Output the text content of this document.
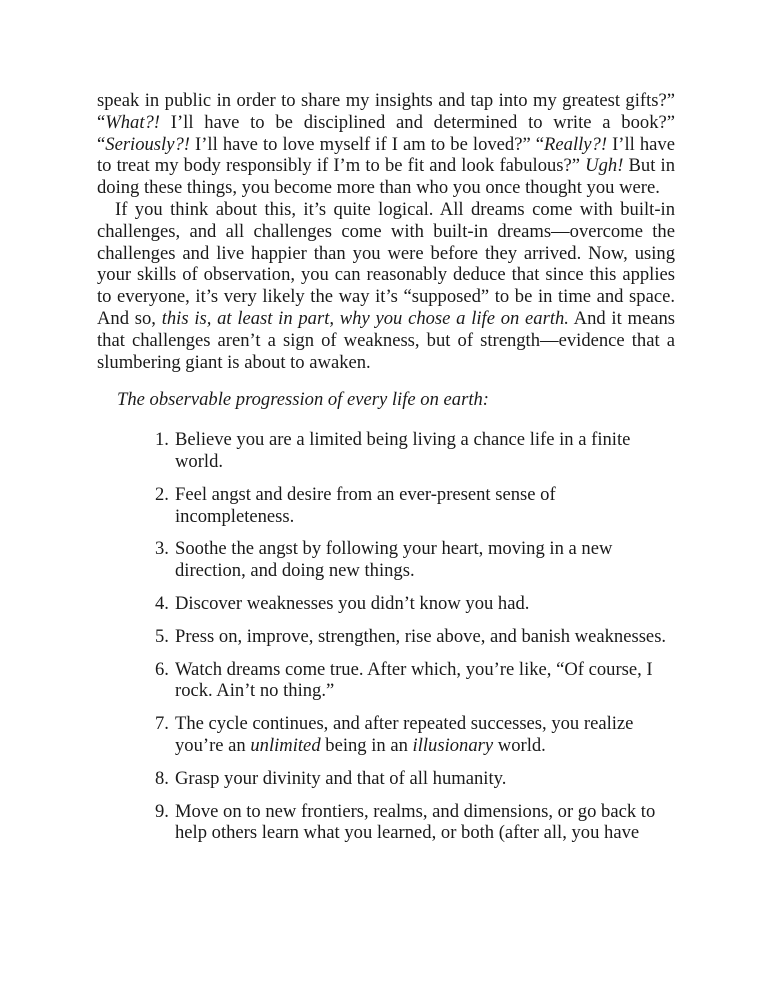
speak in public in order to share my insights and tap into my greatest gifts?” “What?! I’ll have to be disciplined and determined to write a book?” “Seriously?! I’ll have to love myself if I am to be loved?” “Really?! I’ll have to treat my body responsibly if I’m to be fit and look fabulous?” Ugh! But in doing these things, you become more than who you once thought you were.

If you think about this, it’s quite logical. All dreams come with built-in challenges, and all challenges come with built-in dreams—overcome the challenges and live happier than you were before they arrived. Now, using your skills of observation, you can reasonably deduce that since this applies to everyone, it’s very likely the way it’s “supposed” to be in time and space. And so, this is, at least in part, why you chose a life on earth. And it means that challenges aren’t a sign of weakness, but of strength—evidence that a slumbering giant is about to awaken.

The observable progression of every life on earth:

1. Believe you are a limited being living a chance life in a finite world.
2. Feel angst and desire from an ever-present sense of incompleteness.
3. Soothe the angst by following your heart, moving in a new direction, and doing new things.
4. Discover weaknesses you didn’t know you had.
5. Press on, improve, strengthen, rise above, and banish weaknesses.
6. Watch dreams come true. After which, you’re like, “Of course, I rock. Ain’t no thing.”
7. The cycle continues, and after repeated successes, you realize you’re an unlimited being in an illusionary world.
8. Grasp your divinity and that of all humanity.
9. Move on to new frontiers, realms, and dimensions, or go back to help others learn what you learned, or both (after all, you have
